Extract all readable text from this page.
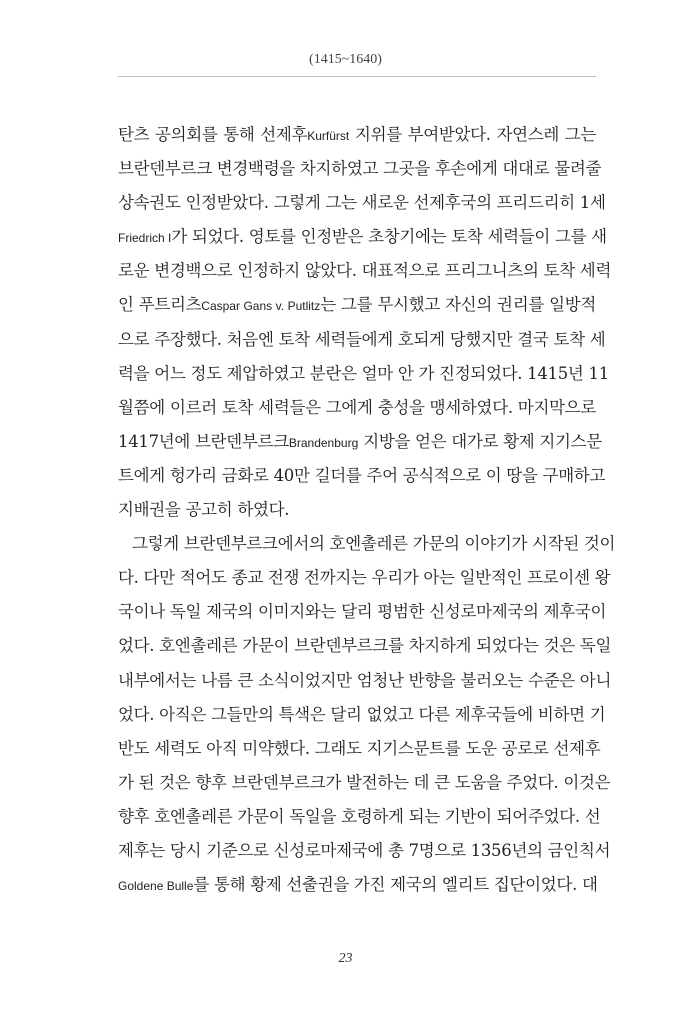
(1415~1640)
탄츠 공의회를 통해 선제후Kurfürst 지위를 부여받았다. 자연스레 그는
브란덴부르크 변경백령을 차지하였고 그곳을 후손에게 대대로 물려줄
상속권도 인정받았다. 그렇게 그는 새로운 선제후국의 프리드리히 1세
Friedrich I가 되었다. 영토를 인정받은 초창기에는 토착 세력들이 그를 새
로운 변경백으로 인정하지 않았다. 대표적으로 프리그니츠의 토착 세력
인 푸트리츠Caspar Gans v. Putlitz는 그를 무시했고 자신의 권리를 일방적
으로 주장했다. 처음엔 토착 세력들에게 호되게 당했지만 결국 토착 세
력을 어느 정도 제압하였고 분란은 얼마 안 가 진정되었다. 1415년 11
월쯤에 이르러 토착 세력들은 그에게 충성을 맹세하였다. 마지막으로
1417년에 브란덴부르크Brandenburg 지방을 얻은 대가로 황제 지기스문
트에게 헝가리 금화로 40만 길더를 주어 공식적으로 이 땅을 구매하고
지배권을 공고히 하였다.
그렇게 브란덴부르크에서의 호엔촐레른 가문의 이야기가 시작된 것이
다. 다만 적어도 종교 전쟁 전까지는 우리가 아는 일반적인 프로이센 왕
국이나 독일 제국의 이미지와는 달리 평범한 신성로마제국의 제후국이
었다. 호엔촐레른 가문이 브란덴부르크를 차지하게 되었다는 것은 독일
내부에서는 나름 큰 소식이었지만 엄청난 반향을 불러오는 수준은 아니
었다. 아직은 그들만의 특색은 달리 없었고 다른 제후국들에 비하면 기
반도 세력도 아직 미약했다. 그래도 지기스문트를 도운 공로로 선제후
가 된 것은 향후 브란덴부르크가 발전하는 데 큰 도움을 주었다. 이것은
향후 호엔촐레른 가문이 독일을 호령하게 되는 기반이 되어주었다. 선
제후는 당시 기준으로 신성로마제국에 총 7명으로 1356년의 금인칙서
Goldene Bulle를 통해 황제 선출권을 가진 제국의 엘리트 집단이었다. 대
23
